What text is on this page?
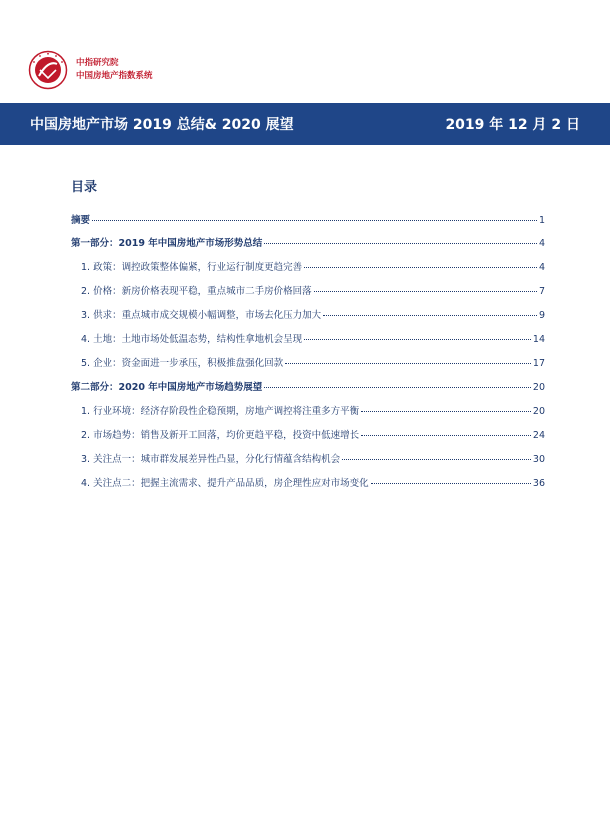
中指研究院
中国房地产指数系统
中国房地产市场 2019 总结& 2020 展望	2019 年 12 月 2 日
目录
摘要	1
第一部分：2019 年中国房地产市场形势总结	4
1. 政策：调控政策整体偏紧，行业运行制度更趋完善	4
2. 价格：新房价格表现平稳，重点城市二手房价格回落	7
3. 供求：重点城市成交规模小幅调整，市场去化压力加大	9
4. 土地：土地市场处低温态势，结构性拿地机会呈现	14
5. 企业：资金面进一步承压，积极推盘强化回款	17
第二部分：2020 年中国房地产市场趋势展望	20
1. 行业环境：经济存阶段性企稳预期，房地产调控将注重多方平衡	20
2. 市场趋势：销售及新开工回落，均价更趋平稳，投资中低速增长	24
3. 关注点一：城市群发展差异性凸显，分化行情蕴含结构机会	30
4. 关注点二：把握主流需求、提升产品品质，房企理性应对市场变化	36
